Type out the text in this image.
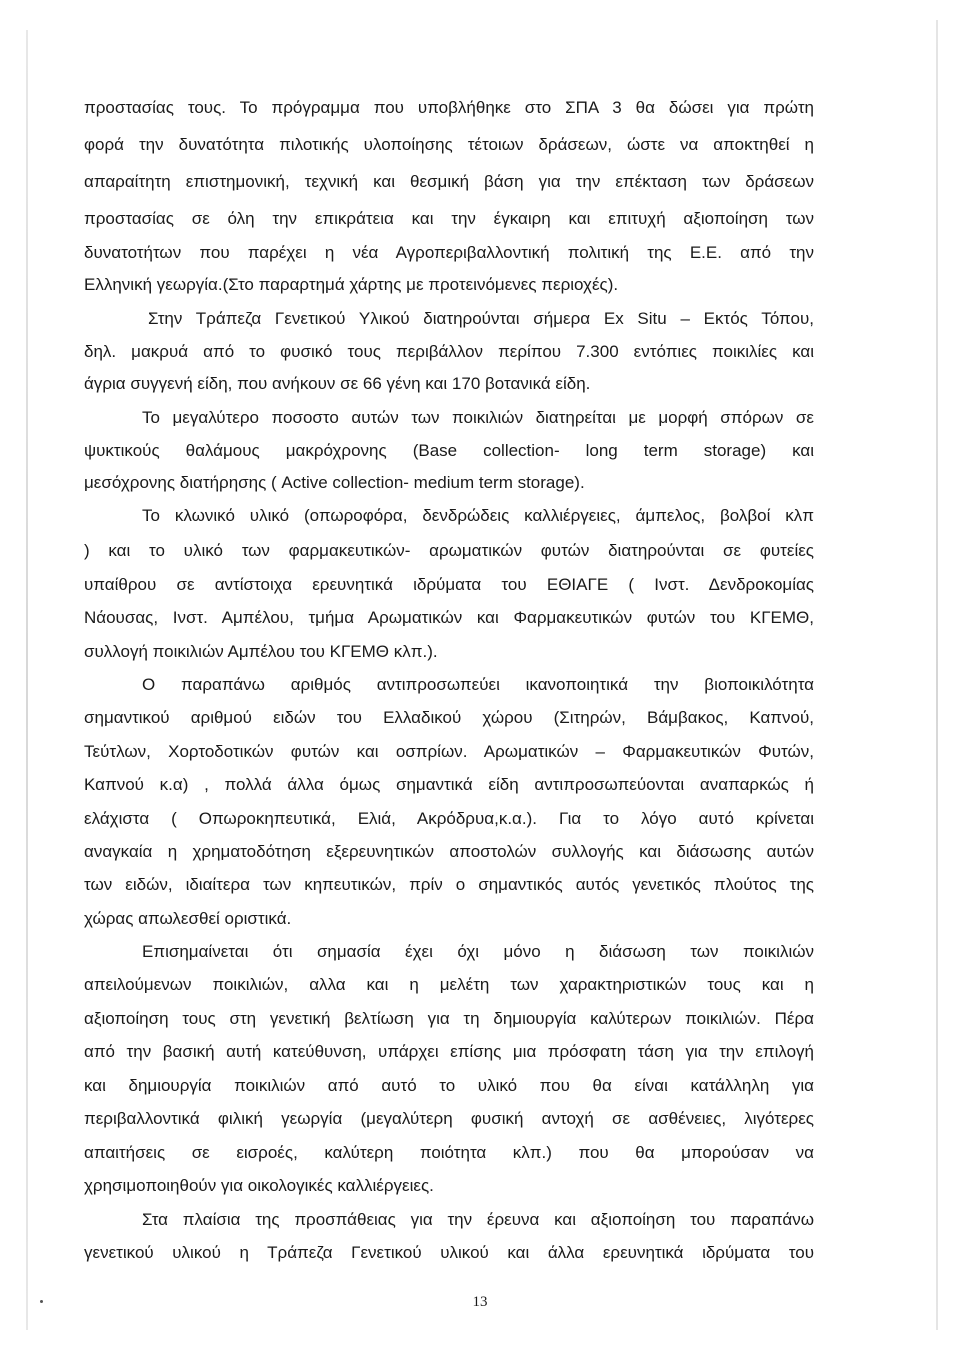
προστασίας τους. Το πρόγραμμα που υποβλήθηκε στο ΣΠΑ 3 θα δώσει για πρώτη
φορά την δυνατότητα πιλοτικής υλοποίησης τέτοιων δράσεων, ώστε να αποκτηθεί η
απαραίτητη επιστημονική, τεχνική και θεσμική βάση για την επέκταση των δράσεων
προστασίας σε όλη την επικράτεια και την έγκαιρη και επιτυχή αξιοποίηση των
δυνατοτήτων που παρέχει η νέα Αγροπεριβαλλοντική πολιτική της Ε.Ε. από την
Ελληνική γεωργία.(Στο παραρτημά χάρτης με προτεινόμενες περιοχές).
Στην Τράπεζα Γενετικού Υλικού διατηρούνται σήμερα Ex Situ – Εκτός Τόπου,
δηλ. μακρυά από το φυσικό τους περιβάλλον περίπου 7.300 εντόπιες ποικιλίες και
άγρια συγγενή είδη, που ανήκουν σε 66 γένη και 170 βοτανικά είδη.
Το μεγαλύτερο ποσοστο αυτών των ποικιλιών διατηρείται με μορφή σπόρων σε
ψυκτικούς θαλάμους μακρόχρονης (Base collection- long term storage) και
μεσόχρονης διατήρησης ( Active collection- medium term storage).
Το κλωνικό υλικό (οπωροφόρα, δενδρώδεις καλλιέργειες, άμπελος, βολβοί κλπ
) και το υλικό των φαρμακευτικών- αρωματικών φυτών διατηρούνται σε φυτείες
υπαίθρου σε αντίστοιχα ερευνητικά ιδρύματα του ΕΘΙΑΓΕ ( Ινστ. Δενδροκομίας
Νάουσας, Ινστ. Αμπέλου, τμήμα Αρωματικών και Φαρμακευτικών φυτών του ΚΓΕΜΘ,
συλλογή ποικιλιών Αμπέλου του ΚΓΕΜΘ κλπ.).
Ο παραπάνω αριθμός αντιπροσωπεύει ικανοποιητικά την βιοποικιλότητα
σημαντικού αριθμού ειδών του Ελλαδικού χώρου (Σιτηρών, Βάμβακος, Καπνού,
Τεύτλων, Χορτοδοτικών φυτών και οσπρίων. Αρωματικών – Φαρμακευτικών Φυτών,
Καπνού κ.α) , πολλά άλλα όμως σημαντικά είδη αντιπροσωπεύονται αναπαρκώς ή
ελάχιστα ( Οπωροκηπευτικά, Ελιά, Ακρόδρυα,κ.α.). Για το λόγο αυτό κρίνεται
αναγκαία η χρηματοδότηση εξερευνητικών αποστολών συλλογής και διάσωσης αυτών
των ειδών, ιδιαίτερα των κηπευτικών, πρίν ο σημαντικός αυτός γενετικός πλούτος της
χώρας απωλεσθεί οριστικά.
Επισημαίνεται ότι σημασία έχει όχι μόνο η διάσωση των ποικιλιών
απειλούμενων ποικιλιών, αλλα και η μελέτη των χαρακτηριστικών τους και η
αξιοποίηση τους στη γενετική βελτίωση για τη δημιουργία καλύτερων ποικιλιών. Πέρα
από την βασική αυτή κατεύθυνση, υπάρχει επίσης μια πρόσφατη τάση για την επιλογή
και δημιουργία ποικιλιών από αυτό το υλικό που θα είναι κατάλληλη για
περιβαλλοντικά φιλική γεωργία (μεγαλύτερη φυσική αντοχή σε ασθένειες, λιγότερες
απαιτήσεις σε εισροές, καλύτερη ποιότητα κλπ.) που θα μπορούσαν να
χρησιμοποιηθούν για οικολογικές καλλιέργειες.
Στα πλαίσια της προσπάθειας για την έρευνα και αξιοποίηση του παραπάνω
γενετικού υλικού η Τράπεζα Γενετικού υλικού και άλλα ερευνητικά ιδρύματα του
13
